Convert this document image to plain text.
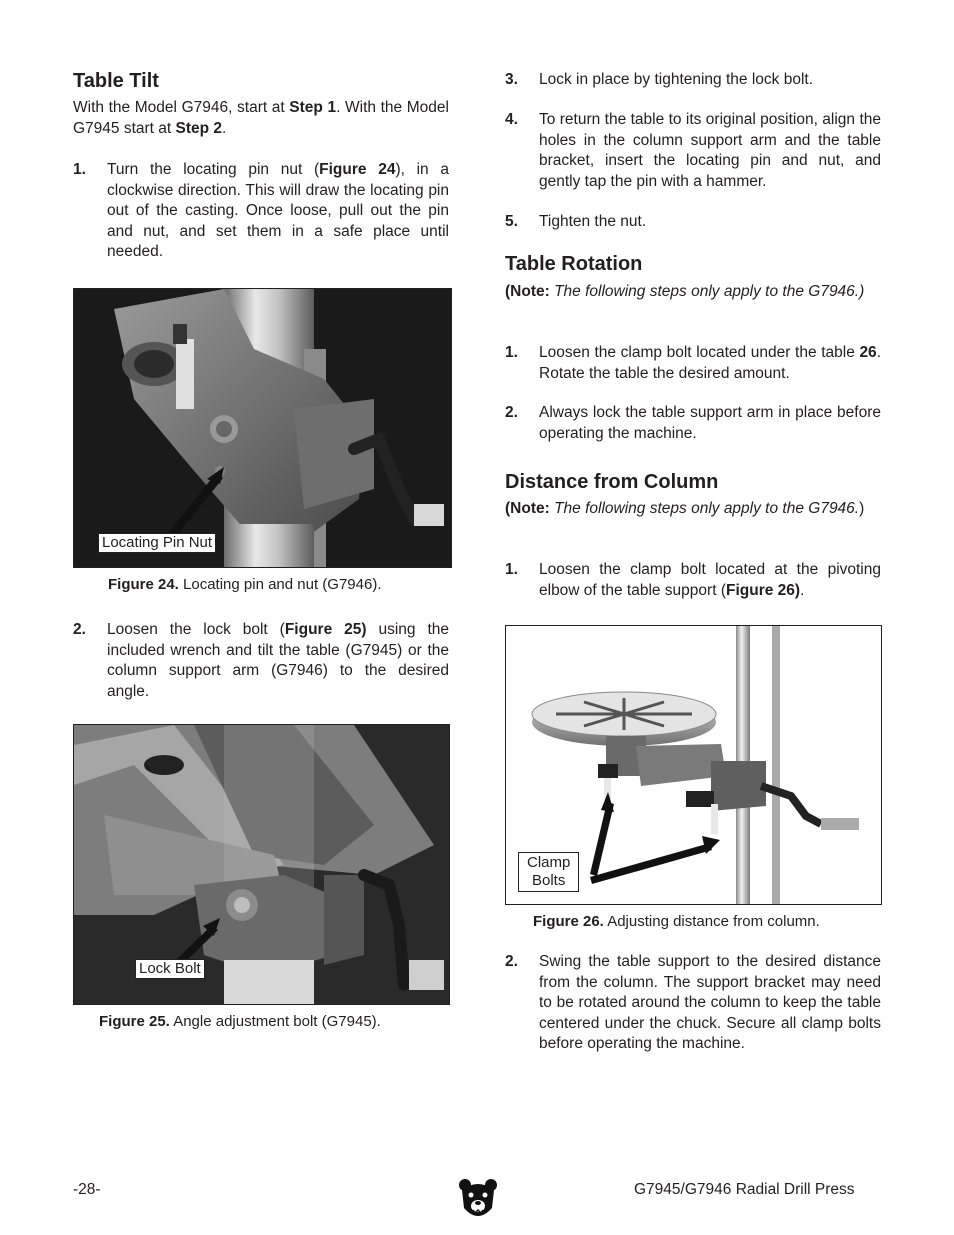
Table Tilt
With the Model G7946, start at Step 1. With the Model G7945 start at Step 2.
1. Turn the locating pin nut (Figure 24), in a clockwise direction. This will draw the locating pin out of the casting. Once loose, pull out the pin and nut, and set them in a safe place until needed.
Locating Pin Nut
Figure 24. Locating pin and nut (G7946).
2. Loosen the lock bolt (Figure 25) using the included wrench and tilt the table (G7945) or the column support arm (G7946) to the desired angle.
Lock Bolt
Figure 25. Angle adjustment bolt (G7945).
3. Lock in place by tightening the lock bolt.
4. To return the table to its original position, align the holes in the column support arm and the table bracket, insert the locating pin and nut, and gently tap the pin with a hammer.
5. Tighten the nut.
Table Rotation
(Note: The following steps only apply to the G7946.)
1. Loosen the clamp bolt located under the table 26. Rotate the table the desired amount.
2. Always lock the table support arm in place before operating the machine.
Distance from Column
(Note: The following steps only apply to the G7946.)
1. Loosen the clamp bolt located at the pivoting elbow of the table support (Figure 26).
Clamp
Bolts
Figure 26. Adjusting distance from column.
2. Swing the table support to the desired distance from the column. The support bracket may need to be rotated around the column to keep the table centered under the chuck. Secure all clamp bolts before operating the machine.
-28-	G7945/G7946 Radial Drill Press
